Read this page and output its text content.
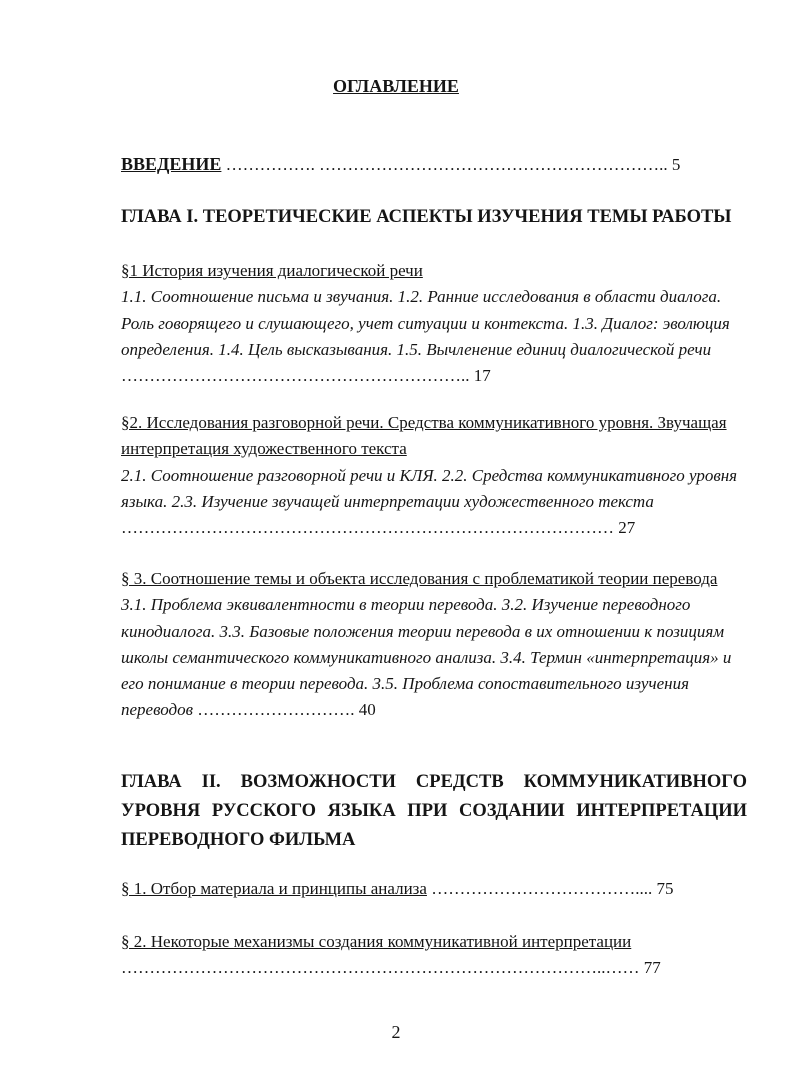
ОГЛАВЛЕНИЕ
ВВЕДЕНИЕ ……………. …………………………………………………….. 5
ГЛАВА I. ТЕОРЕТИЧЕСКИЕ АСПЕКТЫ ИЗУЧЕНИЯ ТЕМЫ РАБОТЫ
§1 История изучения диалогической речи
1.1. Соотношение письма и звучания. 1.2. Ранние исследования в области диалога. Роль говорящего и слушающего, учет ситуации и контекста. 1.3. Диалог: эволюция определения. 1.4. Цель высказывания. 1.5. Вычленение единиц диалогической речи …………………………………………………….. 17
§2. Исследования разговорной речи. Средства коммуникативного уровня. Звучащая интерпретация художественного текста
2.1. Соотношение разговорной речи и КЛЯ. 2.2. Средства коммуникативного уровня языка. 2.3. Изучение звучащей интерпретации художественного текста …………………………………………………………………………… 27
§ 3. Соотношение темы и объекта исследования с проблематикой теории перевода
3.1. Проблема эквивалентности в теории перевода. 3.2. Изучение переводного кинодиалога. 3.3. Базовые положения теории перевода в их отношении к позициям школы семантического коммуникативного анализа. 3.4. Термин «интерпретация» и его понимание в теории перевода. 3.5. Проблема сопоставительного изучения переводов ………………………. 40
ГЛАВА II. ВОЗМОЖНОСТИ СРЕДСТВ КОММУНИКАТИВНОГО УРОВНЯ РУССКОГО ЯЗЫКА ПРИ СОЗДАНИИ ИНТЕРПРЕТАЦИИ ПЕРЕВОДНОГО ФИЛЬМА
§ 1. Отбор материала и принципы анализа ……………………………….... 75
§ 2. Некоторые механизмы создания коммуникативной интерпретации
…………………………………………………………………………..…… 77
2
